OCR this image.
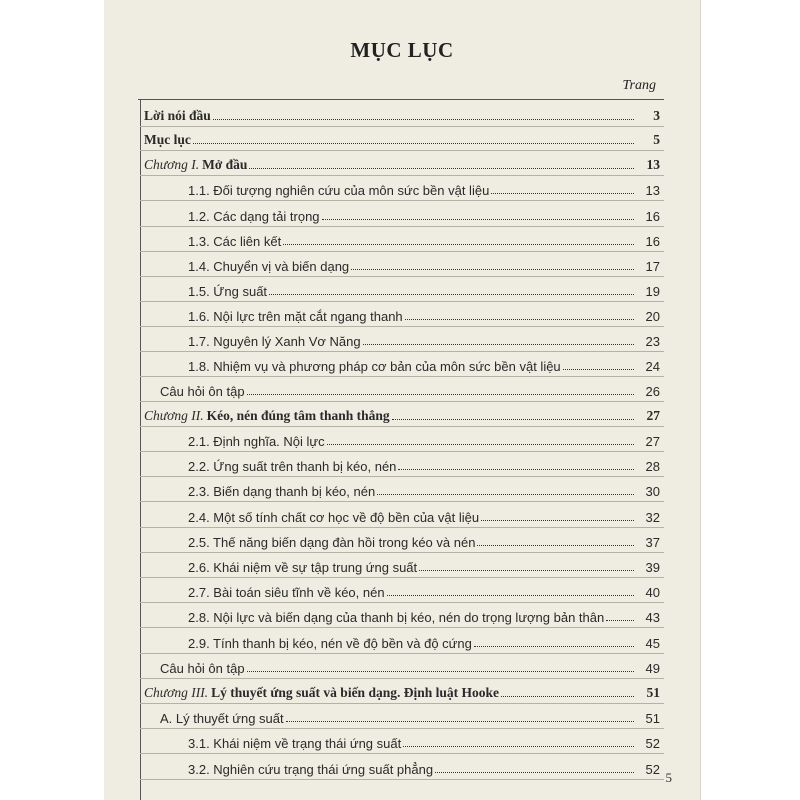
MỤC LỤC
Trang
Lời nói đầu	3
Mục lục	5
Chương I. Mở đầu	13
1.1. Đối tượng nghiên cứu của môn sức bền vật liệu	13
1.2. Các dạng tải trọng	16
1.3. Các liên kết	16
1.4. Chuyển vị và biến dạng	17
1.5. Ứng suất	19
1.6. Nội lực trên mặt cắt ngang thanh	20
1.7. Nguyên lý Xanh Vơ Năng	23
1.8. Nhiệm vụ và phương pháp cơ bản của môn sức bền vật liệu	24
Câu hỏi ôn tập	26
Chương II. Kéo, nén đúng tâm thanh thẳng	27
2.1. Định nghĩa. Nội lực	27
2.2. Ứng suất trên thanh bị kéo, nén	28
2.3. Biến dạng thanh bị kéo, nén	30
2.4. Một số tính chất cơ học về độ bền của vật liệu	32
2.5. Thế năng biến dạng đàn hồi trong kéo và nén	37
2.6. Khái niệm về sự tập trung ứng suất	39
2.7. Bài toán siêu tĩnh về kéo, nén	40
2.8. Nội lực và biến dạng của thanh bị kéo, nén do trọng lượng bản thân	43
2.9. Tính thanh bị kéo, nén về độ bền và độ cứng	45
Câu hỏi ôn tập	49
Chương III. Lý thuyết ứng suất và biến dạng. Định luật Hooke	51
A. Lý thuyết ứng suất	51
3.1. Khái niệm về trạng thái ứng suất	52
3.2. Nghiên cứu trạng thái ứng suất phẳng	52
5
